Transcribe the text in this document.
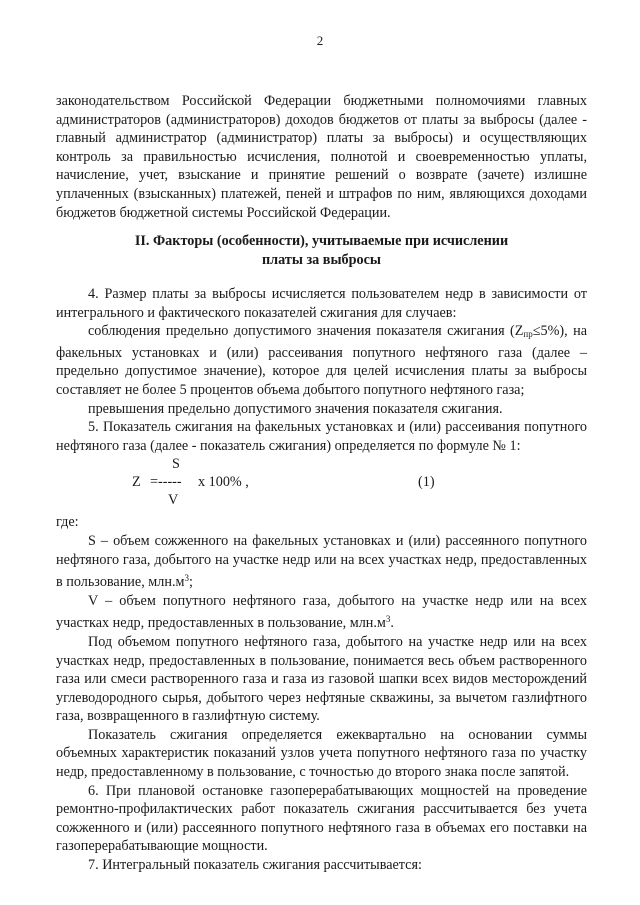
2

законодательством Российской Федерации бюджетными полномочиями главных администраторов (администраторов) доходов бюджетов от платы за выбросы (далее - главный администратор (администратор) платы за выбросы) и осуществляющих контроль за правильностью исчисления, полнотой и своевременностью уплаты, начисление, учет, взыскание и принятие решений о возврате (зачете) излишне уплаченных (взысканных) платежей, пеней и штрафов по ним, являющихся доходами бюджетов бюджетной системы Российской Федерации.

II. Факторы (особенности), учитываемые при исчислении
платы за выбросы

4. Размер платы за выбросы исчисляется пользователем недр в зависимости от интегрального и фактического показателей сжигания для случаев:

соблюдения предельно допустимого значения показателя сжигания $(Z_{пр}\le 5\%)$, на факельных установках и (или) рассеивания попутного нефтяного газа (далее – предельно допустимое значение), которое для целей исчисления платы за выбросы составляет не более 5 процентов объема добытого попутного нефтяного газа;

превышения предельно допустимого значения показателя сжигания.

5. Показатель сжигания на факельных установках и (или) рассеивания попутного нефтяного газа (далее - показатель сжигания) определяется по формуле № 1:

S
Z =----- х 100% ,
V
(1)

где:

S – объем сожженного на факельных установках и (или) рассеянного попутного нефтяного газа, добытого на участке недр или на всех участках недр, предоставленных в пользование, $млн.м^3$;

V – объем попутного нефтяного газа, добытого на участке недр или на всех участках недр, предоставленных в пользование, $млн.м^3$.

Под объемом попутного нефтяного газа, добытого на участке недр или на всех участках недр, предоставленных в пользование, понимается весь объем растворенного газа или смеси растворенного газа и газа из газовой шапки всех видов месторождений углеводородного сырья, добытого через нефтяные скважины, за вычетом газлифтного газа, возвращенного в газлифтную систему.

Показатель сжигания определяется ежеквартально на основании суммы объемных характеристик показаний узлов учета попутного нефтяного газа по участку недр, предоставленному в пользование, с точностью до второго знака после запятой.

6. При плановой остановке газоперерабатывающих мощностей на проведение ремонтно-профилактических работ показатель сжигания рассчитывается без учета сожженного и (или) рассеянного попутного нефтяного газа в объемах его поставки на газоперерабатывающие мощности.

7. Интегральный показатель сжигания рассчитывается:
